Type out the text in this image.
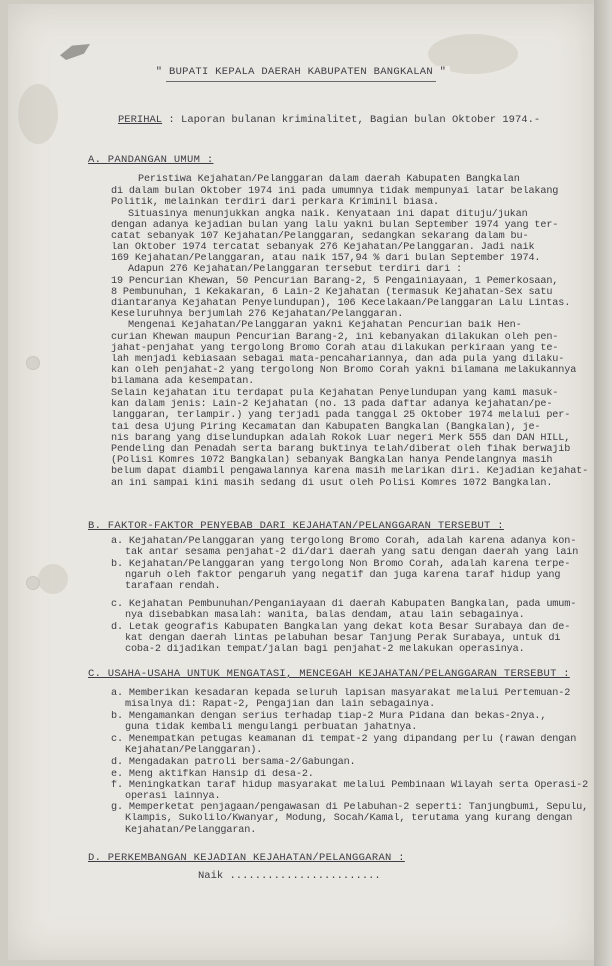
" BUPATI KEPALA DAERAH KABUPATEN BANGKALAN "
PERIHAL : Laporan bulanan kriminalitet, Bagian bulan Oktober 1974.-
A. PANDANGAN UMUM :
B. FAKTOR-FAKTOR PENYEBAB DARI KEJAHATAN/PELANGGARAN TERSEBUT :
C. USAHA-USAHA UNTUK MENGATASI, MENCEGAH KEJAHATAN/PELANGGARAN TERSEBUT :
D. PERKEMBANGAN KEJADIAN KEJAHATAN/PELANGGARAN :
Peristiwa Kejahatan/Pelanggaran dalam daerah Kabupaten Bangkalan
di dalam bulan Oktober 1974 ini pada umumnya tidak mempunyai latar belakang
Politik, melainkan terdiri dari perkara Kriminil biasa.
Situasinya menunjukkan angka naik. Kenyataan ini dapat dituju/jukan
dengan adanya kejadian bulan yang lalu yakni bulan September 1974 yang ter-
catat sebanyak 107 Kejahatan/Pelanggaran, sedangkan sekarang dalam bu-
lan Oktober 1974 tercatat sebanyak 276 Kejahatan/Pelanggaran. Jadi naik
169 Kejahatan/Pelanggaran, atau naik 157,94 % dari bulan September 1974.
Adapun 276 Kejahatan/Pelanggaran tersebut terdiri dari :
19 Pencurian Khewan, 50 Pencurian Barang-2, 5 Pengainiayaan, 1 Pemerkosaan,
8 Pembunuhan, 1 Kekakaran, 6 Lain-2 Kejahatan (termasuk Kejahatan-Sex satu
diantaranya Kejahatan Penyelundupan), 106 Kecelakaan/Pelanggaran Lalu Lintas.
Keseluruhnya berjumlah 276 Kejahatan/Pelanggaran.
Mengenai Kejahatan/Pelanggaran yakni Kejahatan Pencurian baik Hen-
curian Khewan maupun Pencurian Barang-2, ini kebanyakan dilakukan oleh pen-
jahat-penjahat yang tergolong Bromo Corah atau dilakukan perkiraan yang te-
lah menjadi kebiasaan sebagai mata-pencahariannya, dan ada pula yang dilaku-
kan oleh penjahat-2 yang tergolong Non Bromo Corah yakni bilamana melakukannya
bilamana ada kesempatan.
Selain kejahatan itu terdapat pula Kejahatan Penyelundupan yang kami masuk-
kan dalam jenis: Lain-2 Kejahatan (no. 13 pada daftar adanya kejahatan/pe-
langgaran, terlampir.) yang terjadi pada tanggal 25 Oktober 1974 melalui per-
tai desa Ujung Piring Kecamatan dan Kabupaten Bangkalan (Bangkalan), je-
nis barang yang diselundupkan adalah Rokok Luar negeri Merk 555 dan DAN HILL,
Pendeling dan Penadah serta barang buktinya telah/diberat oleh fihak berwajib
(Polisi Komres 1072 Bangkalan) sebanyak Bangkalan hanya Pendelangnya masih
belum dapat diambil pengawalannya karena masih melarikan diri. Kejadian kejahat-
an ini sampai kini masih sedang di usut oleh Polisi Komres 1072 Bangkalan.
a. Kejahatan/Pelanggaran yang tergolong Bromo Corah, adalah karena adanya kon-
tak antar sesama penjahat-2 di/dari daerah yang satu dengan daerah yang lain
b. Kejahatan/Pelanggaran yang tergolong Non Bromo Corah, adalah karena terpe-
ngaruh oleh faktor pengaruh yang negatif dan juga karena taraf hidup yang
tarafaan rendah.
c. Kejahatan Pembunuhan/Penganiayaan di daerah Kabupaten Bangkalan, pada umum-
nya disebabkan masalah: wanita, balas dendam, atau lain sebagainya.
d. Letak geografis Kabupaten Bangkalan yang dekat kota Besar Surabaya dan de-
kat dengan daerah lintas pelabuhan besar Tanjung Perak Surabaya, untuk di
coba-2 dijadikan tempat/jalan bagi penjahat-2 melakukan operasinya.
a. Memberikan kesadaran kepada seluruh lapisan masyarakat melalui Pertemuan-2
misalnya di: Rapat-2, Pengajian dan lain sebagainya.
b. Mengamankan dengan serius terhadap tiap-2 Mura Pidana dan bekas-2nya.,
guna tidak kembali mengulangi perbuatan jahatnya.
c. Menempatkan petugas keamanan di tempat-2 yang dipandang perlu (rawan dengan
Kejahatan/Pelanggaran).
d. Mengadakan patroli bersama-2/Gabungan.
e. Meng aktifkan Hansip di desa-2.
f. Meningkatkan taraf hidup masyarakat melalui Pembinaan Wilayah serta Operasi-2
operasi lainnya.
g. Memperketat penjagaan/pengawasan di Pelabuhan-2 seperti: Tanjungbumi, Sepulu,
Klampis, Sukolilo/Kwanyar, Modung, Socah/Kamal, terutama yang kurang dengan
Kejahatan/Pelanggaran.
Naik ........................
